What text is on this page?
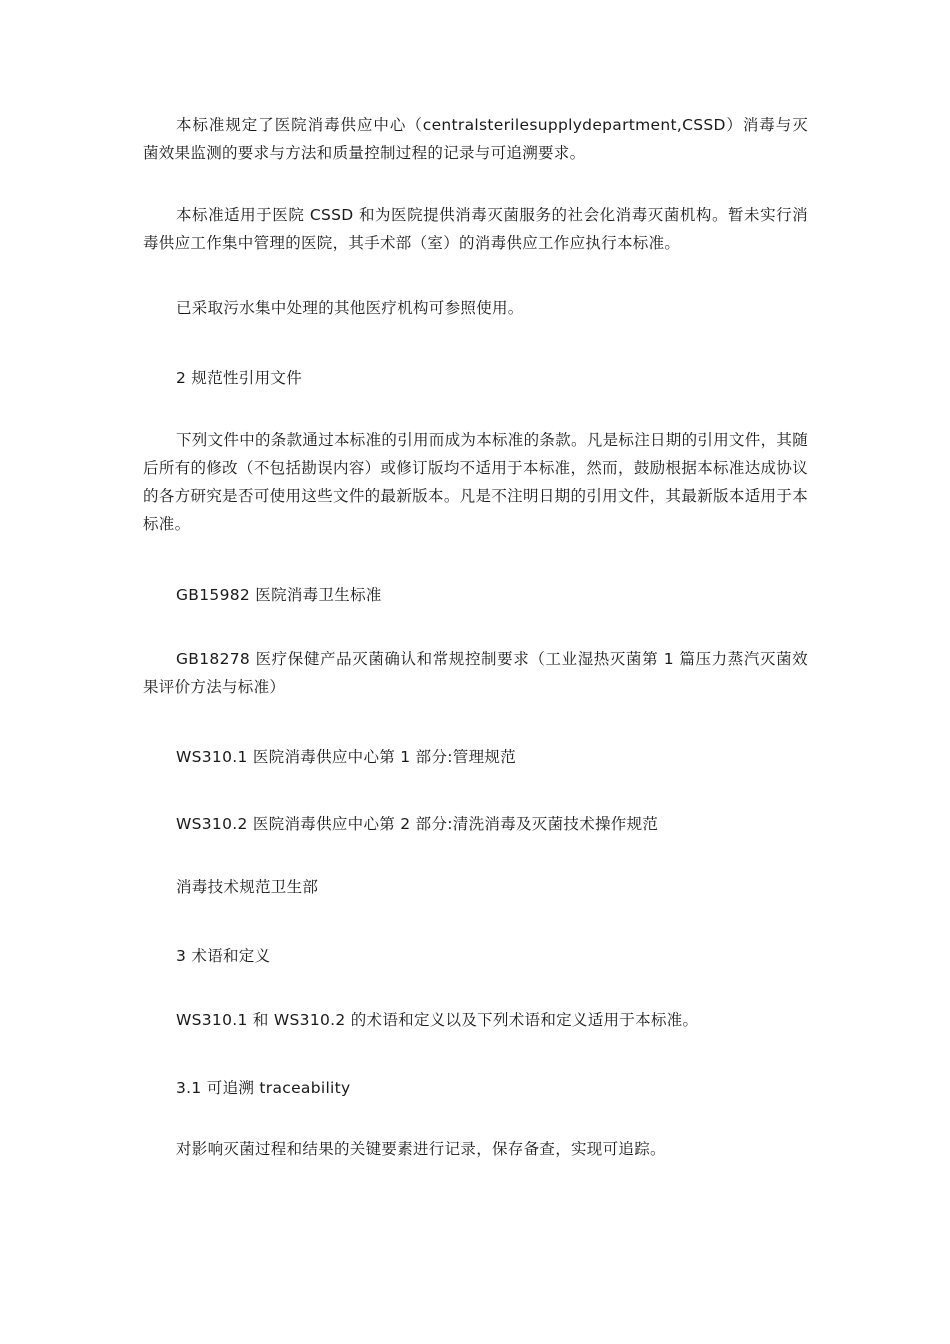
本标准规定了医院消毒供应中心（centralsterilesupplydepartment,CSSD）消毒与灭菌效果监测的要求与方法和质量控制过程的记录与可追溯要求。

本标准适用于医院 CSSD 和为医院提供消毒灭菌服务的社会化消毒灭菌机构。暂未实行消毒供应工作集中管理的医院，其手术部（室）的消毒供应工作应执行本标准。

已采取污水集中处理的其他医疗机构可参照使用。

2 规范性引用文件

下列文件中的条款通过本标准的引用而成为本标准的条款。凡是标注日期的引用文件，其随后所有的修改（不包括勘误内容）或修订版均不适用于本标准，然而，鼓励根据本标准达成协议的各方研究是否可使用这些文件的最新版本。凡是不注明日期的引用文件，其最新版本适用于本标准。

GB15982 医院消毒卫生标准

GB18278 医疗保健产品灭菌确认和常规控制要求（工业湿热灭菌第 1 篇压力蒸汽灭菌效果评价方法与标准）

WS310.1 医院消毒供应中心第 1 部分:管理规范

WS310.2 医院消毒供应中心第 2 部分:清洗消毒及灭菌技术操作规范

消毒技术规范卫生部

3 术语和定义

WS310.1 和 WS310.2 的术语和定义以及下列术语和定义适用于本标准。

3.1 可追溯 traceability

对影响灭菌过程和结果的关键要素进行记录，保存备查，实现可追踪。
